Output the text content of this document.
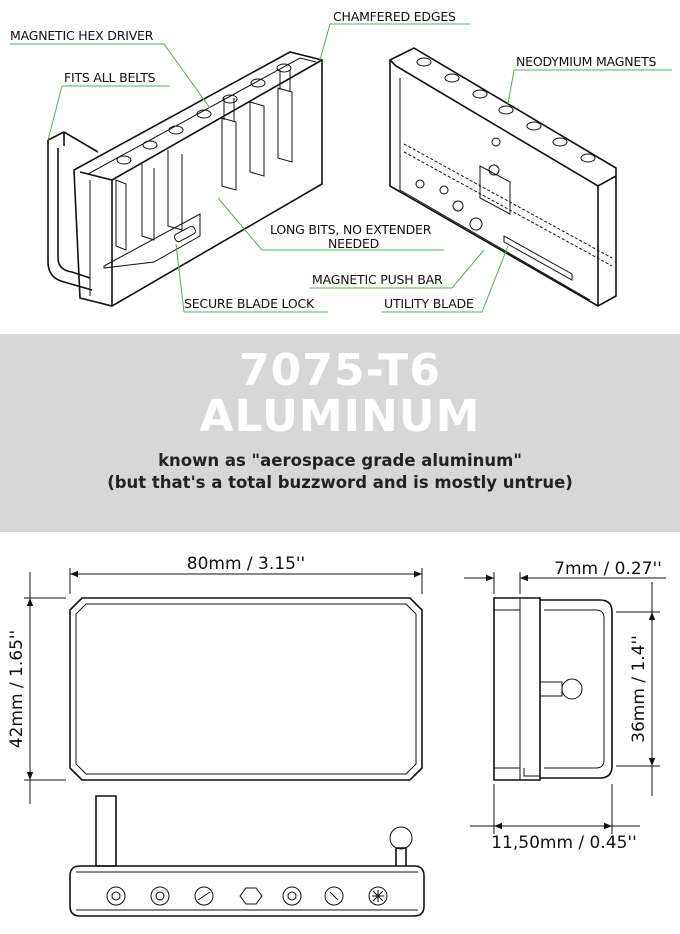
MAGNETIC HEX DRIVER
FITS ALL BELTS
CHAMFERED EDGES
NEODYMIUM MAGNETS
LONG BITS, NO EXTENDER
NEEDED
MAGNETIC PUSH BAR
SECURE BLADE LOCK	UTILITY BLADE
7075-T6
ALUMINUM
known as "aerospace grade aluminum"
(but that's a total buzzword and is mostly untrue)
80mm / 3.15''
42mm / 1.65''
7mm / 0.27''
36mm / 1.4''
11,50mm / 0.45''
